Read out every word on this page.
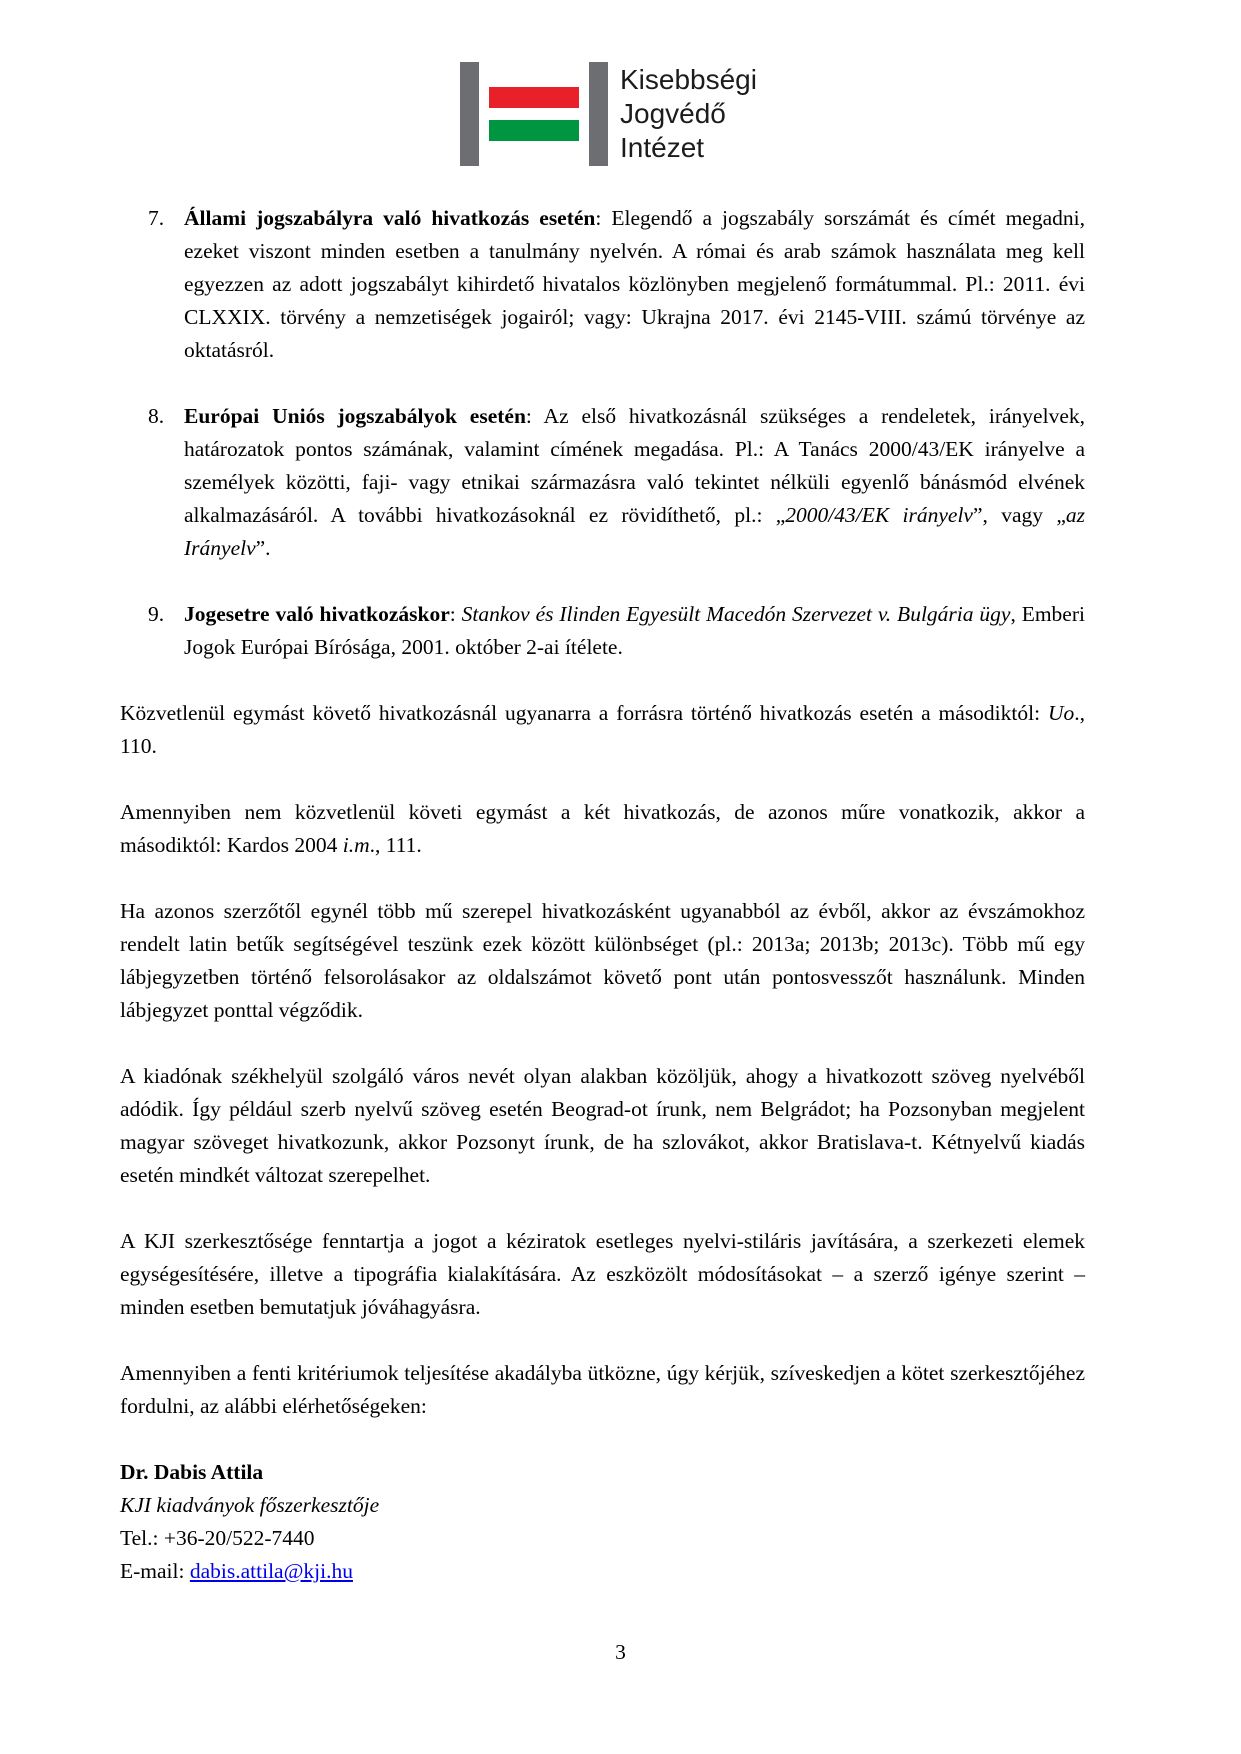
Kisebbségi
Jogvédő
Intézet
7. Állami jogszabályra való hivatkozás esetén: Elegendő a jogszabály sorszámát és címét megadni, ezeket viszont minden esetben a tanulmány nyelvén. A római és arab számok használata meg kell egyezzen az adott jogszabályt kihirdető hivatalos közlönyben megjelenő formátummal. Pl.: 2011. évi CLXXIX. törvény a nemzetiségek jogairól; vagy: Ukrajna 2017. évi 2145-VIII. számú törvénye az oktatásról.
8. Európai Uniós jogszabályok esetén: Az első hivatkozásnál szükséges a rendeletek, irányelvek, határozatok pontos számának, valamint címének megadása. Pl.: A Tanács 2000/43/EK irányelve a személyek közötti, faji- vagy etnikai származásra való tekintet nélküli egyenlő bánásmód elvének alkalmazásáról. A további hivatkozásoknál ez rövidíthető, pl.: „2000/43/EK irányelv”, vagy „az Irányelv”.
9. Jogesetre való hivatkozáskor: Stankov és Ilinden Egyesült Macedón Szervezet v. Bulgária ügy, Emberi Jogok Európai Bírósága, 2001. október 2-ai ítélete.
Közvetlenül egymást követő hivatkozásnál ugyanarra a forrásra történő hivatkozás esetén a másodiktól: Uo., 110.
Amennyiben nem közvetlenül követi egymást a két hivatkozás, de azonos műre vonatkozik, akkor a másodiktól: Kardos 2004 i.m., 111.
Ha azonos szerzőtől egynél több mű szerepel hivatkozásként ugyanabból az évből, akkor az évszámokhoz rendelt latin betűk segítségével teszünk ezek között különbséget (pl.: 2013a; 2013b; 2013c). Több mű egy lábjegyzetben történő felsorolásakor az oldalszámot követő pont után pontosvesszőt használunk. Minden lábjegyzet ponttal végződik.
A kiadónak székhelyül szolgáló város nevét olyan alakban közöljük, ahogy a hivatkozott szöveg nyelvéből adódik. Így például szerb nyelvű szöveg esetén Beograd-ot írunk, nem Belgrádot; ha Pozsonyban megjelent magyar szöveget hivatkozunk, akkor Pozsonyt írunk, de ha szlovákot, akkor Bratislava-t. Kétnyelvű kiadás esetén mindkét változat szerepelhet.
A KJI szerkesztősége fenntartja a jogot a kéziratok esetleges nyelvi-stiláris javítására, a szerkezeti elemek egységesítésére, illetve a tipográfia kialakítására. Az eszközölt módosításokat – a szerző igénye szerint – minden esetben bemutatjuk jóváhagyásra.
Amennyiben a fenti kritériumok teljesítése akadályba ütközne, úgy kérjük, szíveskedjen a kötet szerkesztőjéhez fordulni, az alábbi elérhetőségeken:
Dr. Dabis Attila
KJI kiadványok főszerkesztője
Tel.: +36-20/522-7440
E-mail: dabis.attila@kji.hu
3
